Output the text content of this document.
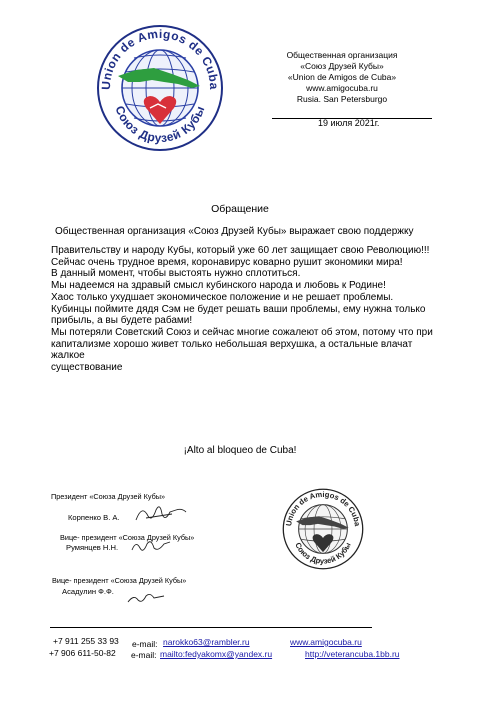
Union de Amigos de Cuba
Союз Друзей Кубы
Общественная организация
«Союз Друзей Кубы»
«Union de Amigos de Cuba»
www.amigocuba.ru
Rusia. San Petersburgo
19 июля 2021г.
Обращение
Общественная организация «Союз Друзей Кубы» выражает свою поддержку

Правительству и народу Кубы, который уже 60 лет защищает свою Революцию!!!

Сейчас очень трудное время, коронавирус коварно рушит экономики мира!

В данный момент, чтобы выстоять нужно сплотиться.

Мы надеемся на здравый смысл кубинского народа и любовь к Родине!

Хаос только ухудшает экономическое положение и не решает проблемы.

Кубинцы поймите дядя Сэм не будет решать ваши проблемы, ему нужна только

прибыль, а вы будете рабами!

Мы потеряли Советский Союз и сейчас многие сожалеют об этом, потому что при

капитализме хорошо живет только небольшая верхушка, а остальные влачат жалкое

существование

¡Alto al bloqueo de Cuba!
Президент «Союза Друзей Кубы»
Корпенко В. А.
Вице- президент «Союза Друзей Кубы»
Румянцев Н.Н.
Вице- президент «Союза Друзей Кубы»
Асадулин Ф.Ф.
Union de Amigos de Cuba
Союз Друзей Кубы
+7 911 255 33 93
+7 906 611-50-82
e-mail:
e-mail:
narokko63@rambler.ru
mailto:fedyakomx@yandex.ru
www.amigocuba.ru
http://veterancuba.1bb.ru
